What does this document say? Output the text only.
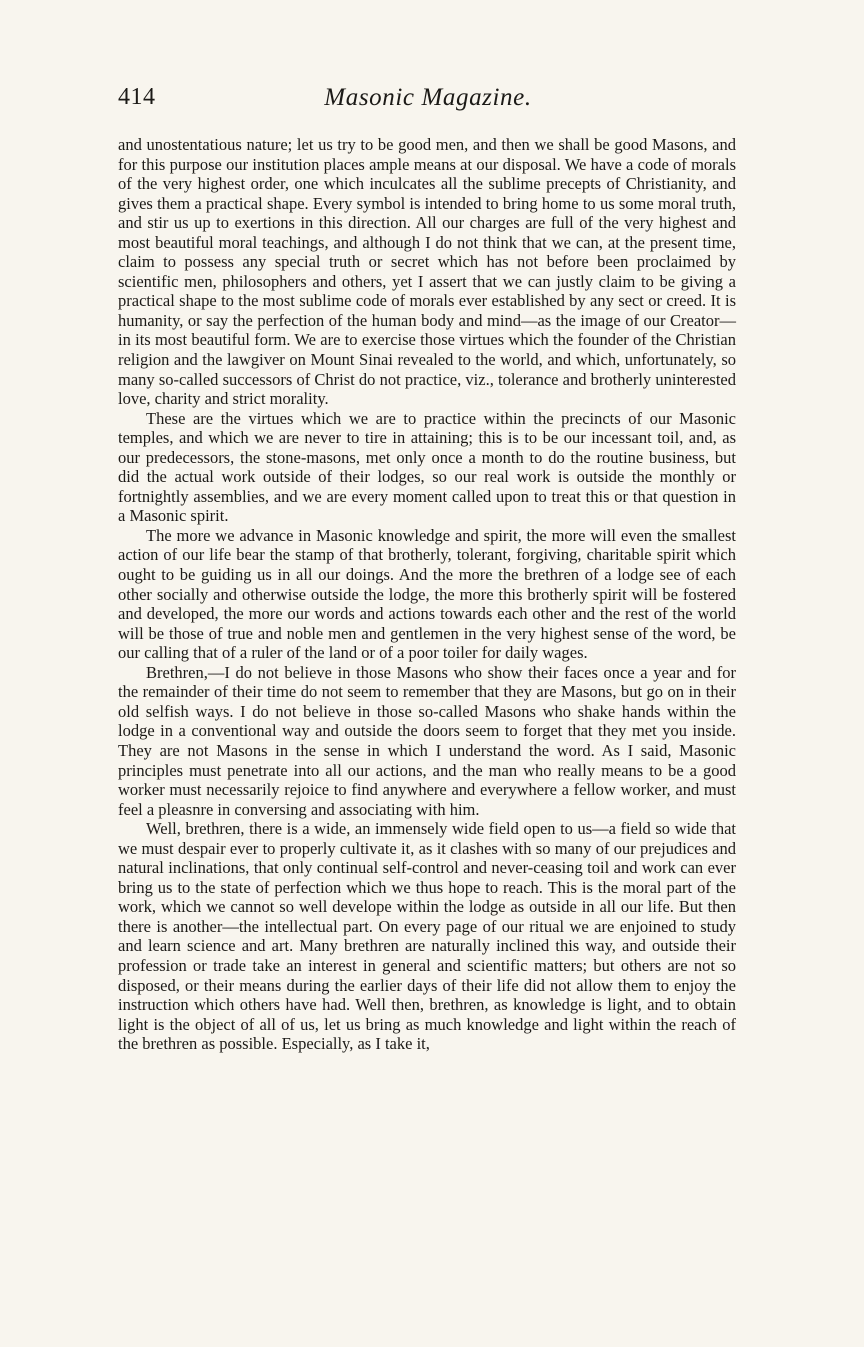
414	Masonic Magazine.

and unostentatious nature; let us try to be good men, and then we shall be good Masons, and for this purpose our institution places ample means at our disposal. We have a code of morals of the very highest order, one which inculcates all the sublime precepts of Christianity, and gives them a practical shape. Every symbol is intended to bring home to us some moral truth, and stir us up to exertions in this direction. All our charges are full of the very highest and most beautiful moral teachings, and although I do not think that we can, at the present time, claim to possess any special truth or secret which has not before been proclaimed by scientific men, philosophers and others, yet I assert that we can justly claim to be giving a practical shape to the most sublime code of morals ever established by any sect or creed. It is humanity, or say the perfection of the human body and mind—as the image of our Creator—in its most beautiful form. We are to exercise those virtues which the founder of the Christian religion and the lawgiver on Mount Sinai revealed to the world, and which, unfortunately, so many so-called successors of Christ do not practice, viz., tolerance and brotherly uninterested love, charity and strict morality.

These are the virtues which we are to practice within the precincts of our Masonic temples, and which we are never to tire in attaining; this is to be our incessant toil, and, as our predecessors, the stone-masons, met only once a month to do the routine business, but did the actual work outside of their lodges, so our real work is outside the monthly or fortnightly assemblies, and we are every moment called upon to treat this or that question in a Masonic spirit.

The more we advance in Masonic knowledge and spirit, the more will even the smallest action of our life bear the stamp of that brotherly, tolerant, forgiving, charitable spirit which ought to be guiding us in all our doings. And the more the brethren of a lodge see of each other socially and otherwise outside the lodge, the more this brotherly spirit will be fostered and developed, the more our words and actions towards each other and the rest of the world will be those of true and noble men and gentlemen in the very highest sense of the word, be our calling that of a ruler of the land or of a poor toiler for daily wages.

Brethren,—I do not believe in those Masons who show their faces once a year and for the remainder of their time do not seem to remember that they are Masons, but go on in their old selfish ways. I do not believe in those so-called Masons who shake hands within the lodge in a conventional way and outside the doors seem to forget that they met you inside. They are not Masons in the sense in which I understand the word. As I said, Masonic principles must penetrate into all our actions, and the man who really means to be a good worker must necessarily rejoice to find anywhere and everywhere a fellow worker, and must feel a pleasnre in conversing and associating with him.

Well, brethren, there is a wide, an immensely wide field open to us—a field so wide that we must despair ever to properly cultivate it, as it clashes with so many of our prejudices and natural inclinations, that only continual self-control and never-ceasing toil and work can ever bring us to the state of perfection which we thus hope to reach. This is the moral part of the work, which we cannot so well develope within the lodge as outside in all our life. But then there is another—the intellectual part. On every page of our ritual we are enjoined to study and learn science and art. Many brethren are naturally inclined this way, and outside their profession or trade take an interest in general and scientific matters; but others are not so disposed, or their means during the earlier days of their life did not allow them to enjoy the instruction which others have had. Well then, brethren, as knowledge is light, and to obtain light is the object of all of us, let us bring as much knowledge and light within the reach of the brethren as possible. Especially, as I take it,
